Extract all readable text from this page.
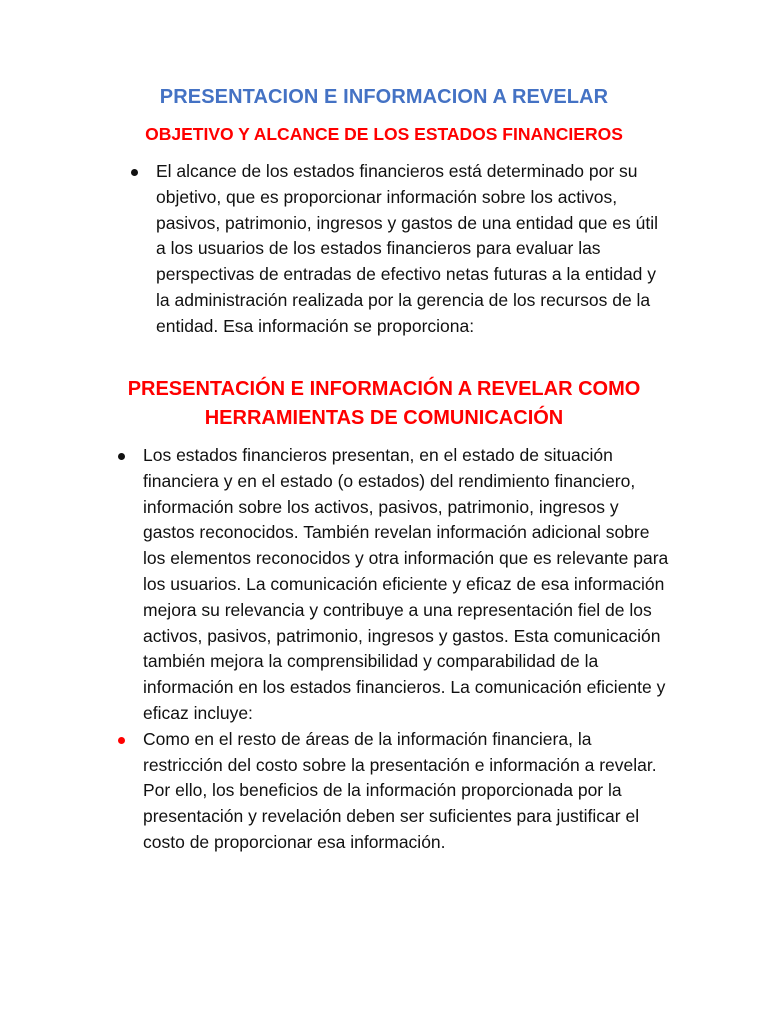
PRESENTACION E INFORMACION A REVELAR
OBJETIVO Y ALCANCE DE LOS ESTADOS FINANCIEROS

El alcance de los estados financieros está determinado por su objetivo, que es proporcionar información sobre los activos, pasivos, patrimonio, ingresos y gastos de una entidad que es útil a los usuarios de los estados financieros para evaluar las perspectivas de entradas de efectivo netas futuras a la entidad y la administración realizada por la gerencia de los recursos de la entidad. Esa información se proporciona:

PRESENTACIÓN E INFORMACIÓN A REVELAR COMO HERRAMIENTAS DE COMUNICACIÓN

Los estados financieros presentan, en el estado de situación financiera y en el estado (o estados) del rendimiento financiero, información sobre los activos, pasivos, patrimonio, ingresos y gastos reconocidos. También revelan información adicional sobre los elementos reconocidos y otra información que es relevante para los usuarios. La comunicación eficiente y eficaz de esa información mejora su relevancia y contribuye a una representación fiel de los activos, pasivos, patrimonio, ingresos y gastos. Esta comunicación también mejora la comprensibilidad y comparabilidad de la información en los estados financieros. La comunicación eficiente y eficaz incluye:

Como en el resto de áreas de la información financiera, la restricción del costo sobre la presentación e información a revelar. Por ello, los beneficios de la información proporcionada por la presentación y revelación deben ser suficientes para justificar el costo de proporcionar esa información.
